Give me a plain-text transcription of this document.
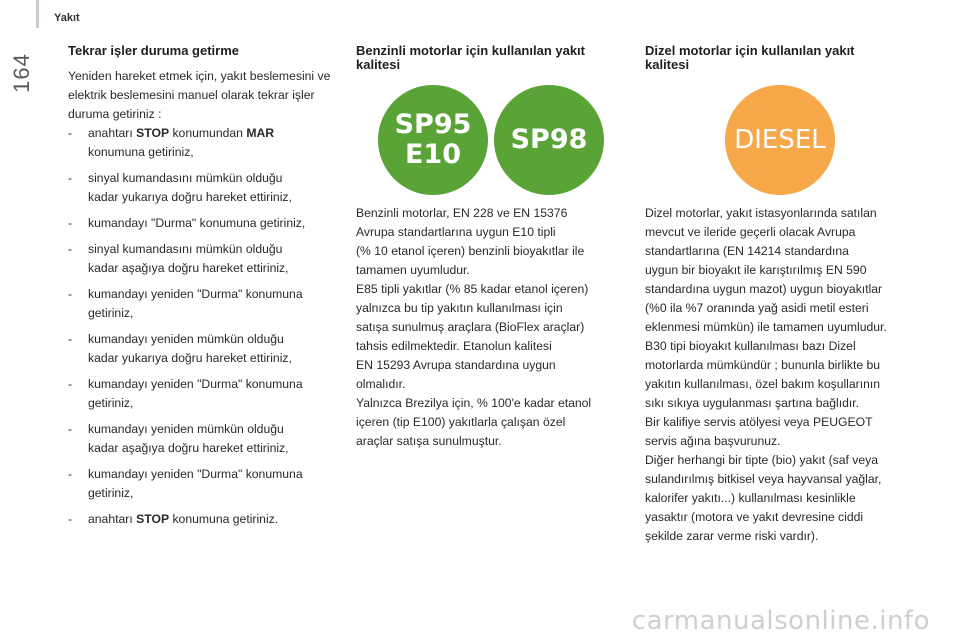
164
Yakıt
Tekrar işler duruma getirme

Yeniden hareket etmek için, yakıt beslemesini ve elektrik beslemesini manuel olarak tekrar işler duruma getiriniz :

- anahtarı STOP konumundan MAR
konumuna getiriniz,
- sinyal kumandasını mümkün olduğu
kadar yukarıya doğru hareket ettiriniz,
- kumandayı "Durma" konumuna getiriniz,
- sinyal kumandasını mümkün olduğu
kadar aşağıya doğru hareket ettiriniz,
- kumandayı yeniden "Durma" konumuna
getiriniz,
- kumandayı yeniden mümkün olduğu
kadar yukarıya doğru hareket ettiriniz,
- kumandayı yeniden "Durma" konumuna
getiriniz,
- kumandayı yeniden mümkün olduğu
kadar aşağıya doğru hareket ettiriniz,
- kumandayı yeniden "Durma" konumuna
getiriniz,
- anahtarı STOP konumuna getiriniz.
Benzinli motorlar için kullanılan yakıt
kalitesi
SP95
E10 SP98
Benzinli motorlar, EN 228 ve EN 15376
Avrupa standartlarına uygun E10 tipli
(% 10 etanol içeren) benzinli bioyakıtlar ile
tamamen uyumludur.
E85 tipli yakıtlar (% 85 kadar etanol içeren)
yalnızca bu tip yakıtın kullanılması için
satışa sunulmuş araçlara (BioFlex araçlar)
tahsis edilmektedir. Etanolun kalitesi
EN 15293 Avrupa standardına uygun
olmalıdır.
Yalnızca Brezilya için, % 100'e kadar etanol
içeren (tip E100) yakıtlarla çalışan özel
araçlar satışa sunulmuştur.
Dizel motorlar için kullanılan yakıt
kalitesi
DIESEL
Dizel motorlar, yakıt istasyonlarında satılan
mevcut ve ileride geçerli olacak Avrupa
standartlarına (EN 14214 standardına
uygun bir bioyakıt ile karıştırılmış EN 590
standardına uygun mazot) uygun bioyakıtlar
(%0 ila %7 oranında yağ asidi metil esteri
eklenmesi mümkün) ile tamamen uyumludur.
B30 tipi bioyakıt kullanılması bazı Dizel
motorlarda mümkündür ; bununla birlikte bu
yakıtın kullanılması, özel bakım koşullarının
sıkı sıkıya uygulanması şartına bağlıdır.
Bir kalifiye servis atölyesi veya PEUGEOT
servis ağına başvurunuz.
Diğer herhangi bir tipte (bio) yakıt (saf veya
sulandırılmış bitkisel veya hayvansal yağlar,
kalorifer yakıtı...) kullanılması kesinlikle
yasaktır (motora ve yakıt devresine ciddi
şekilde zarar verme riski vardır).
carmanualsonline.info
